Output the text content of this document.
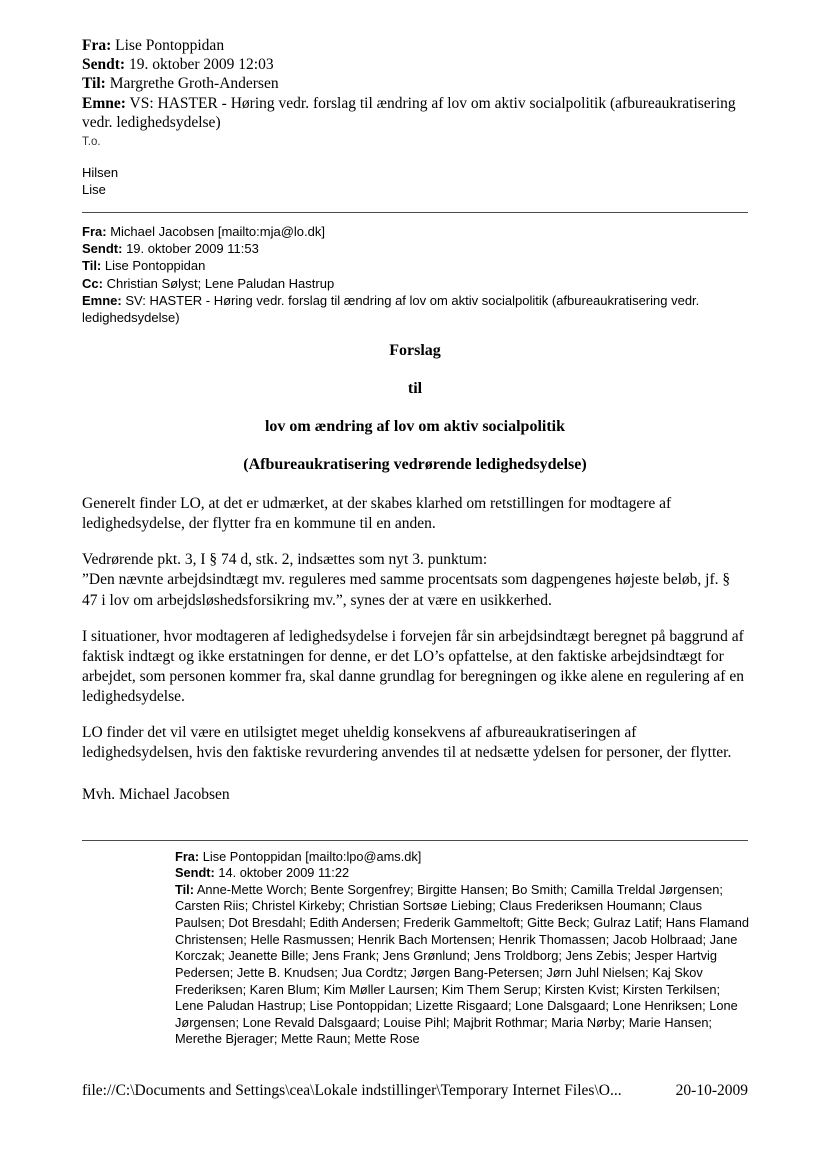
Fra: Lise Pontoppidan
Sendt: 19. oktober 2009 12:03
Til: Margrethe Groth-Andersen
Emne: VS: HASTER - Høring vedr. forslag til ændring af lov om aktiv socialpolitik (afbureaukratisering vedr. ledighedsydelse)
T.o.
Hilsen
Lise
Fra: Michael Jacobsen [mailto:mja@lo.dk]
Sendt: 19. oktober 2009 11:53
Til: Lise Pontoppidan
Cc: Christian Sølyst; Lene Paludan Hastrup
Emne: SV: HASTER - Høring vedr. forslag til ændring af lov om aktiv socialpolitik (afbureaukratisering vedr. ledighedsydelse)
Forslag
til
lov om ændring af lov om aktiv socialpolitik
(Afbureaukratisering vedrørende ledighedsydelse)

Generelt finder LO, at det er udmærket, at der skabes klarhed om retstillingen for modtagere af ledighedsydelse, der flytter fra en kommune til en anden.

Vedrørende pkt. 3, I § 74 d, stk. 2, indsættes som nyt 3. punktum:
”Den nævnte arbejdsindtægt mv. reguleres med samme procentsats som dagpengenes højeste beløb, jf. § 47 i lov om arbejdsløshedsforsikring mv.”, synes der at være en usikkerhed.

I situationer, hvor modtageren af ledighedsydelse i forvejen får sin arbejdsindtægt beregnet på baggrund af faktisk indtægt og ikke erstatningen for denne, er det LO’s opfattelse, at den faktiske arbejdsindtægt for arbejdet, som personen kommer fra, skal danne grundlag for beregningen og ikke alene en regulering af en ledighedsydelse.

LO finder det vil være en utilsigtet meget uheldig konsekvens af afbureaukratiseringen af ledighedsydelsen, hvis den faktiske revurdering anvendes til at nedsætte ydelsen for personer, der flytter.

Mvh. Michael Jacobsen

Fra: Lise Pontoppidan [mailto:lpo@ams.dk]
Sendt: 14. oktober 2009 11:22
Til: Anne-Mette Worch; Bente Sorgenfrey; Birgitte Hansen; Bo Smith; Camilla Treldal Jørgensen; Carsten Riis; Christel Kirkeby; Christian Sortsøe Liebing; Claus Frederiksen Houmann; Claus Paulsen; Dot Bresdahl; Edith Andersen; Frederik Gammeltoft; Gitte Beck; Gulraz Latif; Hans Flamand Christensen; Helle Rasmussen; Henrik Bach Mortensen; Henrik Thomassen; Jacob Holbraad; Jane Korczak; Jeanette Bille; Jens Frank; Jens Grønlund; Jens Troldborg; Jens Zebis; Jesper Hartvig Pedersen; Jette B. Knudsen; Jua Cordtz; Jørgen Bang-Petersen; Jørn Juhl Nielsen; Kaj Skov Frederiksen; Karen Blum; Kim Møller Laursen; Kim Them Serup; Kirsten Kvist; Kirsten Terkilsen; Lene Paludan Hastrup; Lise Pontoppidan; Lizette Risgaard; Lone Dalsgaard; Lone Henriksen; Lone Jørgensen; Lone Revald Dalsgaard; Louise Pihl; Majbrit Rothmar; Maria Nørby; Marie Hansen; Merethe Bjerager; Mette Raun; Mette Rose
file://C:\Documents and Settings\cea\Lokale indstillinger\Temporary Internet Files\O...	20-10-2009
